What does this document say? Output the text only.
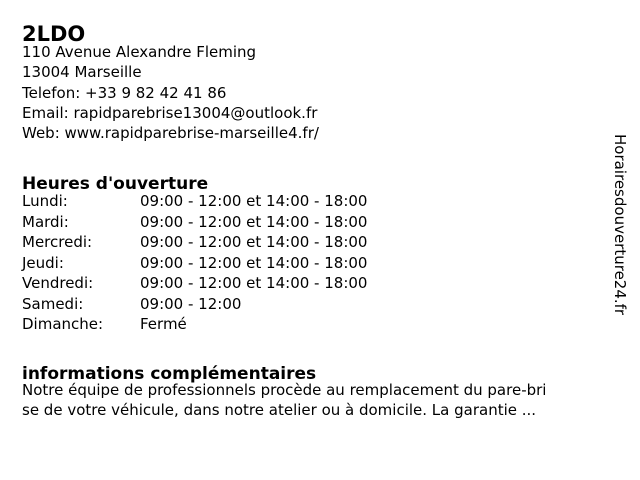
2LDO
110 Avenue Alexandre Fleming
13004 Marseille
Telefon: +33 9 82 42 41 86
Email: rapidparebrise13004@outlook.fr
Web: www.rapidparebrise-marseille4.fr/
Heures d'ouverture
Lundi:	09:00 - 12:00 et 14:00 - 18:00
Mardi:	09:00 - 12:00 et 14:00 - 18:00
Mercredi:	09:00 - 12:00 et 14:00 - 18:00
Jeudi:	09:00 - 12:00 et 14:00 - 18:00
Vendredi:	09:00 - 12:00 et 14:00 - 18:00
Samedi:	09:00 - 12:00
Dimanche:	Fermé
informations complémentaires
Notre équipe de professionnels procède au remplacement du pare-bri
se de votre véhicule, dans notre atelier ou à domicile. La garantie ...
Horairesdouverture24.fr
